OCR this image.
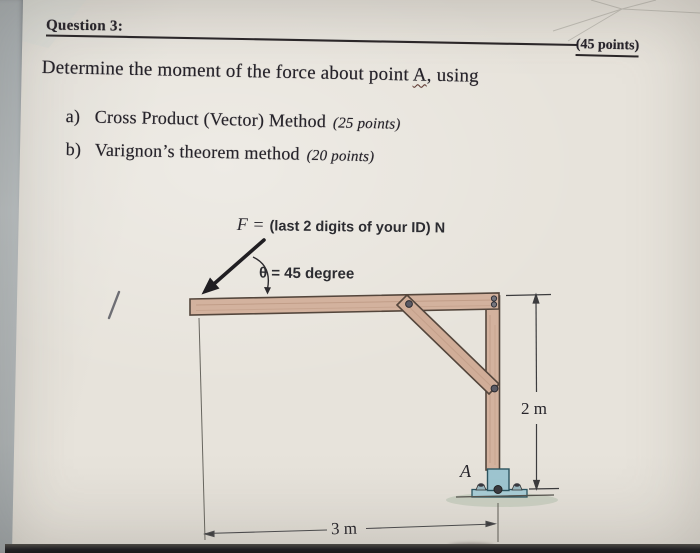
Question 3:
(45 points)
Determine the moment of the force about point A, using
a) Cross Product (Vector) Method (25 points)
b) Varignon’s theorem method (20 points)
F = (last 2 digits of your ID) N
θ = 45 degree
2 m
3 m
A
